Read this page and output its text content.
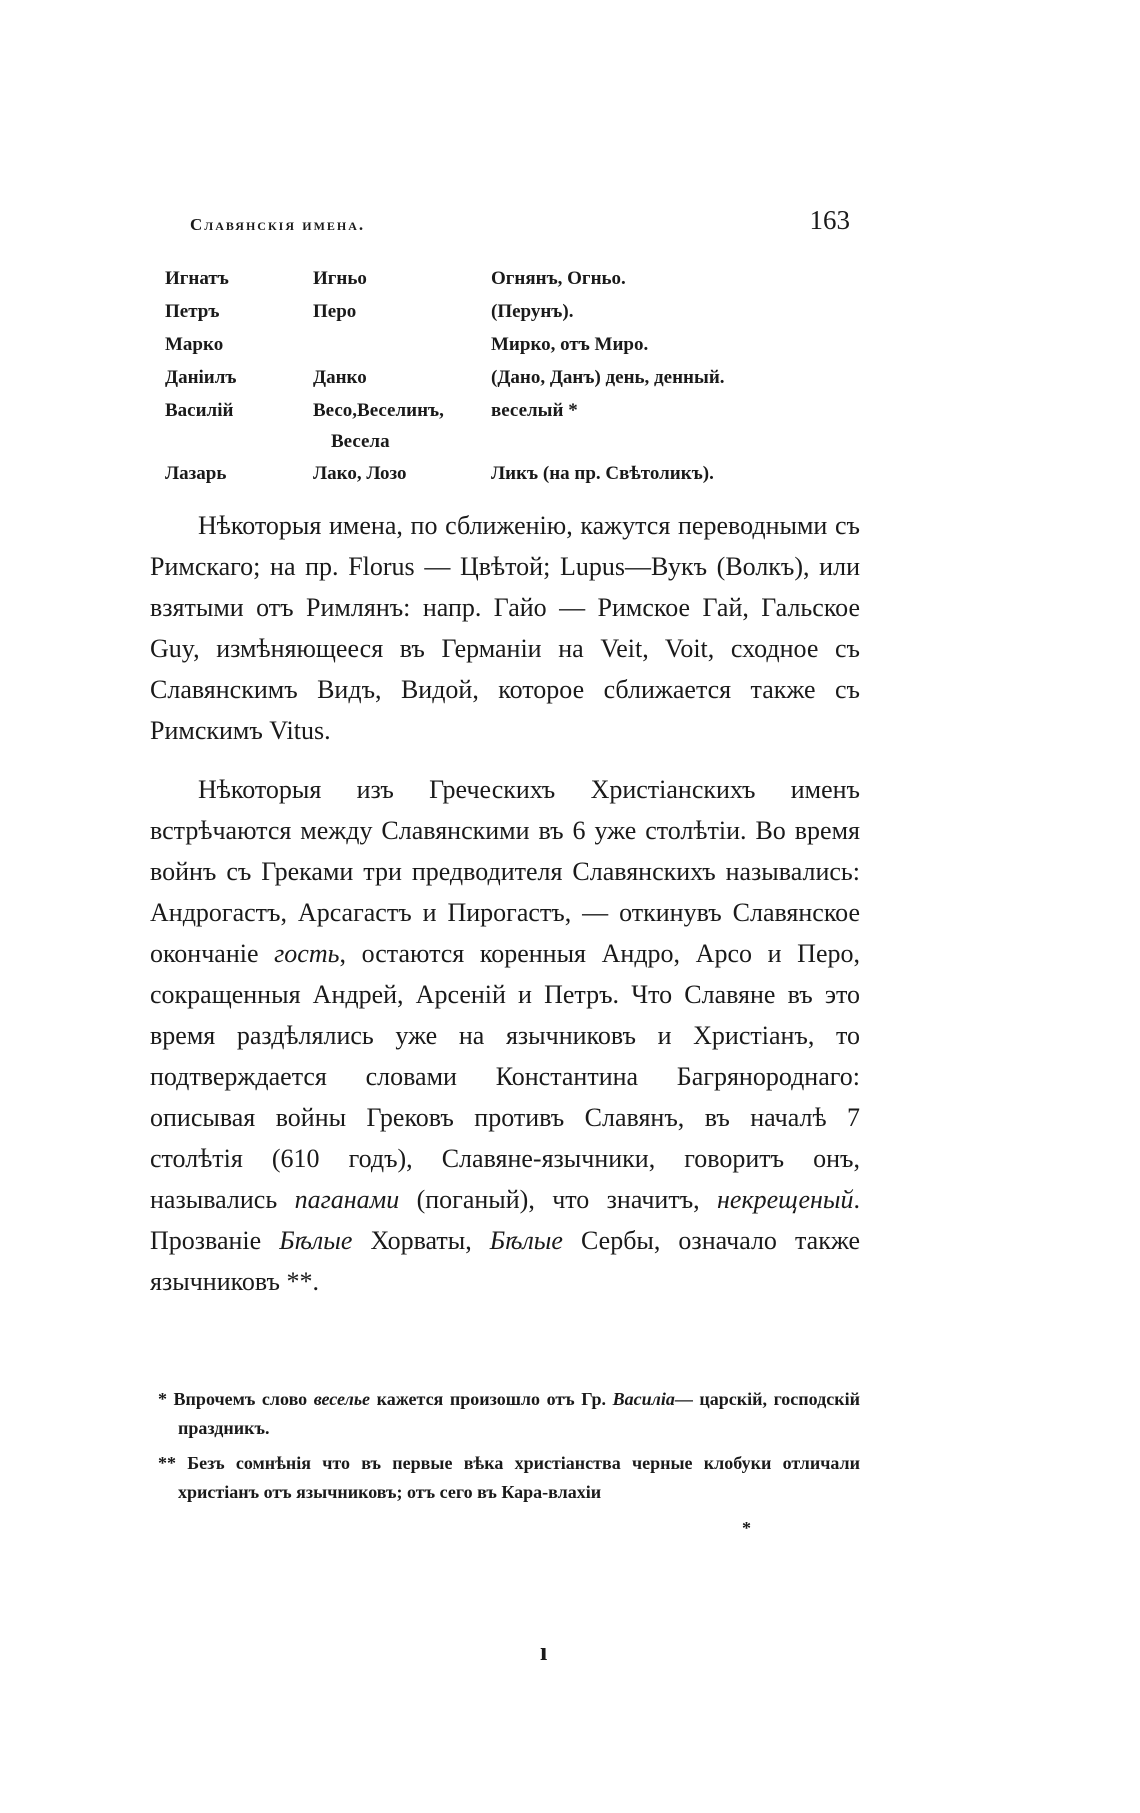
Славянскія имена.	163
Игнатъ	Игньо	Огнянъ, Огньо.
Петръ	Перо	(Перунъ).
Марко		Мирко, отъ Миро.
Даніилъ	Данко	(Дано, Данъ) день, денный.
Василій	Весо,Веселинъ,	веселый *
	Весела	
Лазарь	Лако, Лозо	Ликъ (на пр. Свѣтоликъ).

Нѣкоторыя имена, по сближенію, кажутся переводными съ Римскаго; на пр. Florus — Цвѣтой; Lupus—Вукъ (Волкъ), или взятыми отъ Римлянъ: напр. Гайо — Римское Гай, Гальское Guy, измѣняющееся въ Германіи на Veit, Voit, сходное съ Славянскимъ Видъ, Видой, которое сближается также съ Римскимъ Vitus.

Нѣкоторыя изъ Греческихъ Христіанскихъ именъ встрѣчаются между Славянскими въ 6 уже столѣтіи. Во время войнъ съ Греками три предводителя Славянскихъ назывались: Андрогастъ, Арсагастъ и Пирогастъ, — откинувъ Славянское окончаніе гость, остаются коренныя Андро, Арсо и Перо, сокращенныя Андрей, Арсеній и Петръ. Что Славяне въ это время раздѣлялись уже на язычниковъ и Христіанъ, то подтверждается словами Константина Багрянороднаго: описывая войны Грековъ противъ Славянъ, въ началѣ 7 столѣтія (610 годъ), Славяне-язычники, говоритъ онъ, назывались паганами (поганый), что значитъ, некрещеный. Прозваніе Бѣлые Хорваты, Бѣлые Сербы, означало также язычниковъ **.

* Впрочемъ слово веселье кажется произошло отъ Гр. Василіа— царскій, господскій праздникъ.

** Безъ сомнѣнія что въ первые вѣка христіанства черные клобуки отличали христіанъ отъ язычниковъ; отъ сего въ Кара-влахіи

*
ı
